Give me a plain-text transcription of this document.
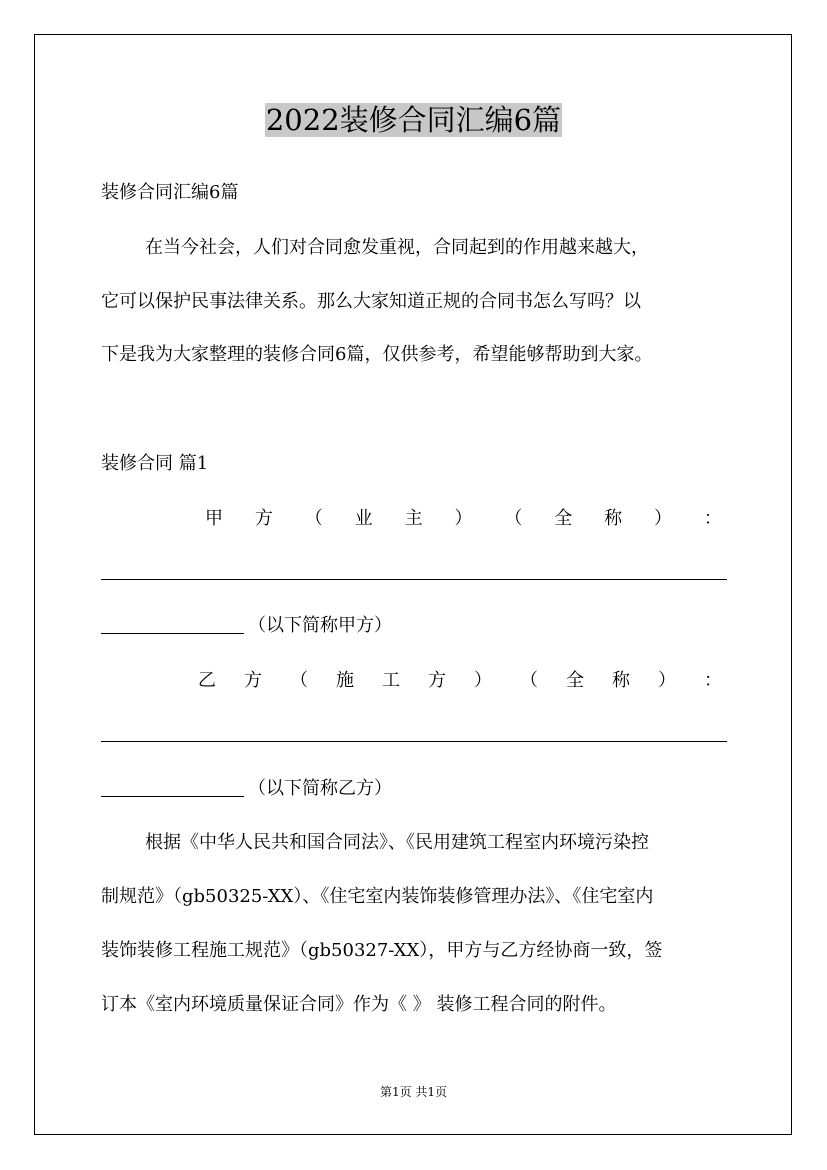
2022装修合同汇编6篇
装修合同汇编6篇
在当今社会，人们对合同愈发重视，合同起到的作用越来越大，
它可以保护民事法律关系。那么大家知道正规的合同书怎么写吗？以
下是我为大家整理的装修合同6篇，仅供参考，希望能够帮助到大家。
装修合同 篇1
甲 方 （ 业 主 ） （ 全 称 ） ：
（以下简称甲方）
乙 方 （ 施 工 方 ） （ 全 称 ） ：
（以下简称乙方）
根据《中华人民共和国合同法》、《民用建筑工程室内环境污染控
制规范》（gb50325-XX）、《住宅室内装饰装修管理办法》、《住宅室内
装饰装修工程施工规范》（gb50327-XX），甲方与乙方经协商一致，签
订本《室内环境质量保证合同》作为《 》 装修工程合同的附件。
第1页 共1页
